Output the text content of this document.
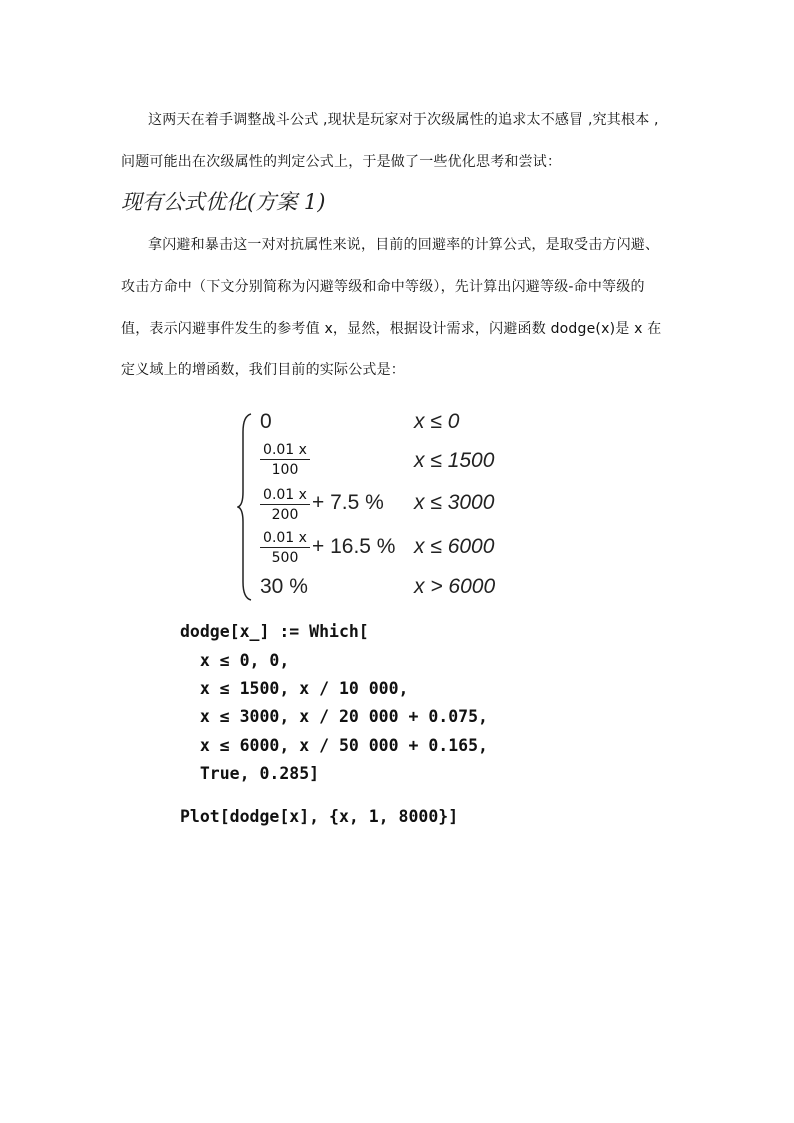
这两天在着手调整战斗公式 ,现状是玩家对于次级属性的追求太不感冒 ,究其根本 ,
问题可能出在次级属性的判定公式上，于是做了一些优化思考和尝试：
现有公式优化(方案 1)
拿闪避和暴击这一对对抗属性来说，目前的回避率的计算公式，是取受击方闪避、
攻击方命中（下文分别简称为闪避等级和命中等级），先计算出闪避等级-命中等级的
值，表示闪避事件发生的参考值 x，显然，根据设计需求，闪避函数 dodge(x)是 x 在
定义域上的增函数，我们目前的实际公式是：
0	x ≤ 0
$\frac{0.01 x}{100}$	x ≤ 1500
$\frac{0.01 x}{200} + 7.5$ % x ≤ 3000
$\frac{0.01 x}{500} + 16.5$ % x ≤ 6000
30 %	x > 6000
dodge[x_] := Which[
x ≤ 0, 0,
x ≤ 1500, x / 10 000,
x ≤ 3000, x / 20 000 + 0.075,
x ≤ 6000, x / 50 000 + 0.165,
True, 0.285]
Plot[dodge[x], {x, 1, 8000}]
